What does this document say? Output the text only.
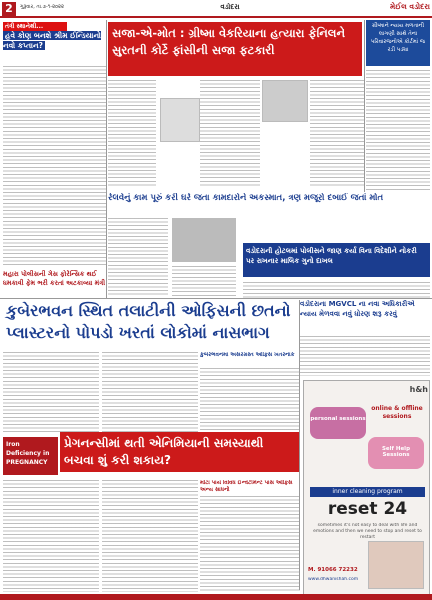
2	ગુરૂવાર, તા.૭-૧-૨૦૨૨	વડોદરા	મેઈલ વડોદરા
તંત્રી સ્થાનેથી...
હવે કોણ બનશે શ્રીમ ઈન્ડિયાનો નવો કપ્તાન?
મહારા પોલીસની ગેસ ફોરેન્સિક થઈ ધમકાવી ફેમ ભરી કરતાં અટકાવ્યા મંત્રી
સજા-એ-મોત : ગ્રીષ્મા વેકરિયાના હત્યારા ફેનિલને સુરતની કોર્ટે ફાંસીની સજા ફટકારી
ગ્રીષ્માને ન્યાય મળતાની લાગણી સાથે તેના પરિવારજનોએ કોર્ટમાં જ રડી પડ્યા
રેલવેનું કામ પૂરું કરી ઘરે જતા કામદારોને અકસ્માત, ત્રણ મજૂરો દબાઈ જતાં મોત
વડોદરાની હોટલમાં પોલીસને જાણ કર્યા વિના વિદેશીને નોકરી પર રાખનાર માલિક ગુનો દાખલ
કુબેરભવન સ્થિત તલાટીની ઓફિસની છતનો પ્લાસ્ટરનો પોપડો ખરતાં લોકોમાં નાસભાગ
કુબેરભવનમાં અસરગ્રસ્ત ઓફિસ ખતરનાક
વડોદરાના MGVCL ના નવા અધિકારીએ ન્યાય મેળવવા નવું ધોરણ શરૂ કરવું
Iron Deficiency in PREGNANCY
પ્રેગનન્સીમાં થતી એનિમિયાની સમસ્યાથી બચવા શું કરી શકાય?
મોટા પાયે વિવિધ ઈન્વેટીમેન્ટ પાસ ઓફિસ અન્ય સાધનો
h&h
personal sessions
Self Help Sessions
online & offline sessions
inner cleaning program
reset 24
sometimes it's not easy to deal with life and emotions and then we need to stop and reset to restart
M. 91066 72232
www.dhwanishah.com
